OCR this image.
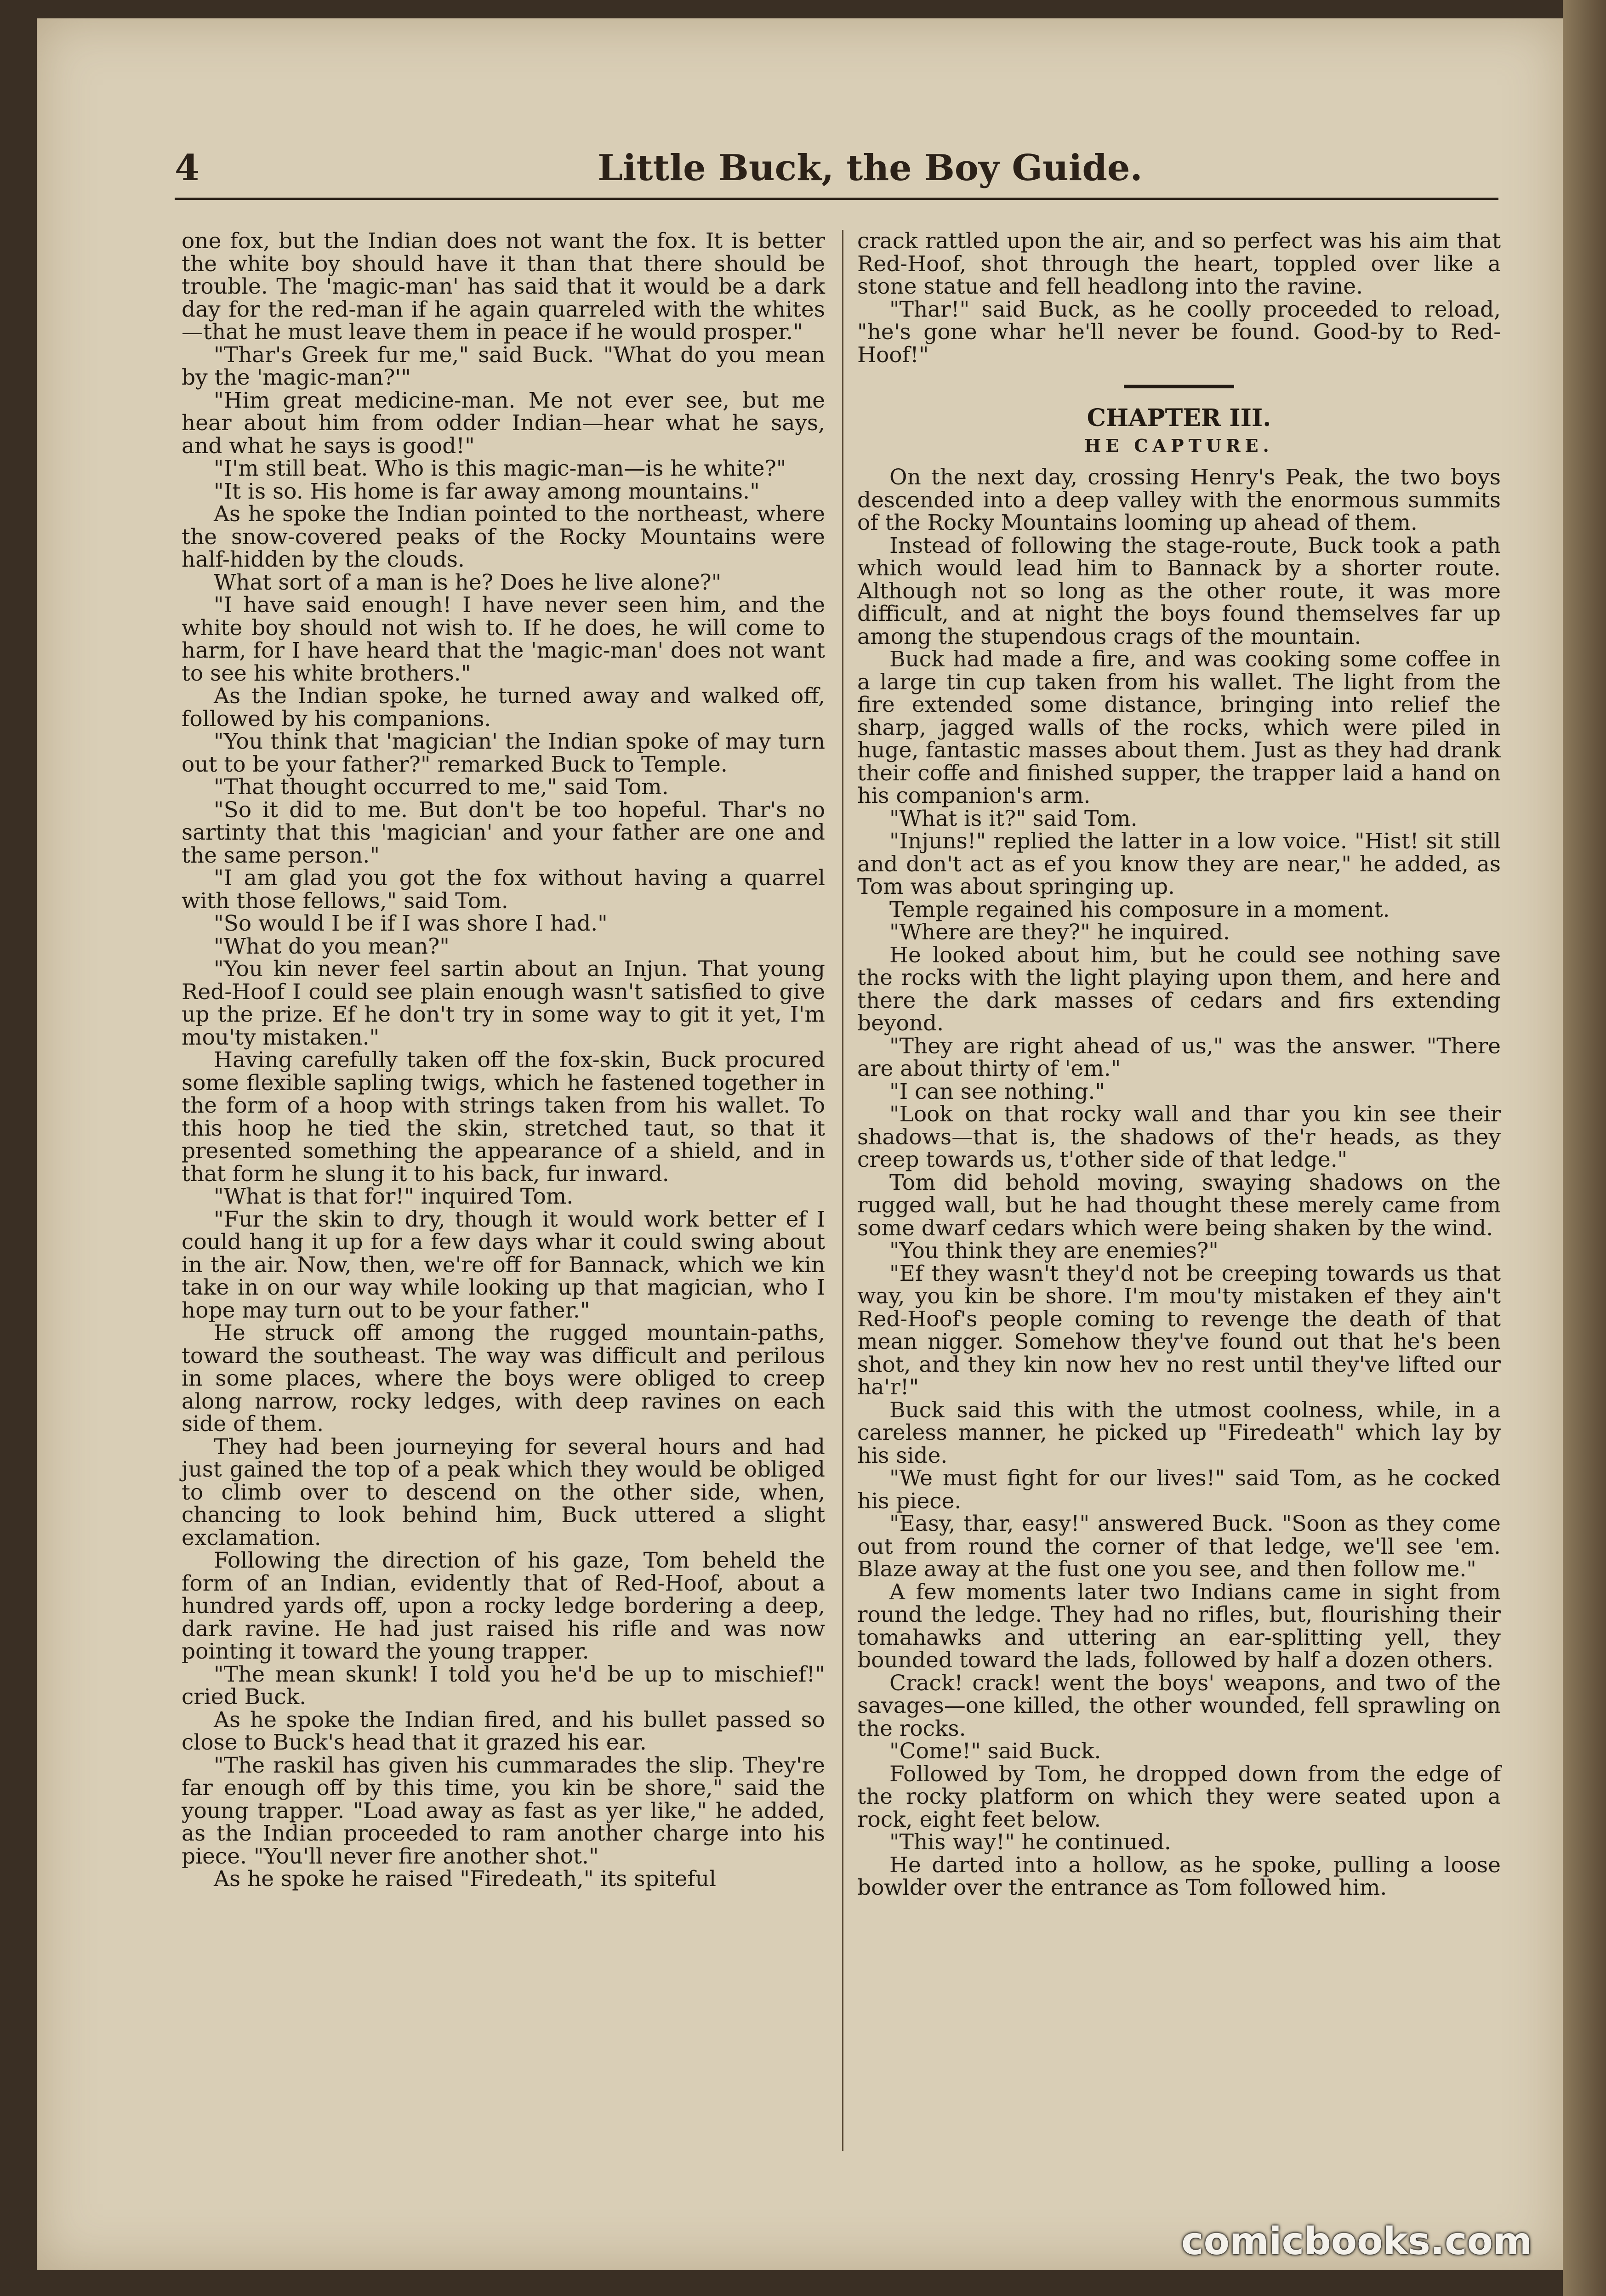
4	Little Buck, the Boy Guide.

one fox, but the Indian does not want the fox. It is better the white boy should have it than that there should be trouble. The 'magic-man' has said that it would be a dark day for the red-man if he again quarreled with the whites—that he must leave them in peace if he would prosper."

"Thar's Greek fur me," said Buck. "What do you mean by the 'magic-man?'"

"Him great medicine-man. Me not ever see, but me hear about him from odder Indian—hear what he says, and what he says is good!"

"I'm still beat. Who is this magic-man—is he white?"

"It is so. His home is far away among mountains."

As he spoke the Indian pointed to the northeast, where the snow-covered peaks of the Rocky Mountains were half-hidden by the clouds.

What sort of a man is he? Does he live alone?"

"I have said enough! I have never seen him, and the white boy should not wish to. If he does, he will come to harm, for I have heard that the 'magic-man' does not want to see his white brothers."

As the Indian spoke, he turned away and walked off, followed by his companions.

"You think that 'magician' the Indian spoke of may turn out to be your father?" remarked Buck to Temple.

"That thought occurred to me," said Tom.

"So it did to me. But don't be too hopeful. Thar's no sartinty that this 'magician' and your father are one and the same person."

"I am glad you got the fox without having a quarrel with those fellows," said Tom.

"So would I be if I was shore I had."

"What do you mean?"

"You kin never feel sartin about an Injun. That young Red-Hoof I could see plain enough wasn't satisfied to give up the prize. Ef he don't try in some way to git it yet, I'm mou'ty mistaken."

Having carefully taken off the fox-skin, Buck procured some flexible sapling twigs, which he fastened together in the form of a hoop with strings taken from his wallet. To this hoop he tied the skin, stretched taut, so that it presented something the appearance of a shield, and in that form he slung it to his back, fur inward.

"What is that for!" inquired Tom.

"Fur the skin to dry, though it would work better ef I could hang it up for a few days whar it could swing about in the air. Now, then, we're off for Bannack, which we kin take in on our way while looking up that magician, who I hope may turn out to be your father."

He struck off among the rugged mountain-paths, toward the southeast. The way was difficult and perilous in some places, where the boys were obliged to creep along narrow, rocky ledges, with deep ravines on each side of them.

They had been journeying for several hours and had just gained the top of a peak which they would be obliged to climb over to descend on the other side, when, chancing to look behind him, Buck uttered a slight exclamation.

Following the direction of his gaze, Tom beheld the form of an Indian, evidently that of Red-Hoof, about a hundred yards off, upon a rocky ledge bordering a deep, dark ravine. He had just raised his rifle and was now pointing it toward the young trapper.

"The mean skunk! I told you he'd be up to mischief!" cried Buck.

As he spoke the Indian fired, and his bullet passed so close to Buck's head that it grazed his ear.

"The raskil has given his cummarades the slip. They're far enough off by this time, you kin be shore," said the young trapper. "Load away as fast as yer like," he added, as the Indian proceeded to ram another charge into his piece. "You'll never fire another shot."

As he spoke he raised "Firedeath," its spiteful

crack rattled upon the air, and so perfect was his aim that Red-Hoof, shot through the heart, toppled over like a stone statue and fell headlong into the ravine.

"Thar!" said Buck, as he coolly proceeded to reload, "he's gone whar he'll never be found. Good-by to Red-Hoof!"

CHAPTER III.
HE CAPTURE.

On the next day, crossing Henry's Peak, the two boys descended into a deep valley with the enormous summits of the Rocky Mountains looming up ahead of them.

Instead of following the stage-route, Buck took a path which would lead him to Bannack by a shorter route. Although not so long as the other route, it was more difficult, and at night the boys found themselves far up among the stupendous crags of the mountain.

Buck had made a fire, and was cooking some coffee in a large tin cup taken from his wallet. The light from the fire extended some distance, bringing into relief the sharp, jagged walls of the rocks, which were piled in huge, fantastic masses about them. Just as they had drank their coffe and finished supper, the trapper laid a hand on his companion's arm.

"What is it?" said Tom.

"Injuns!" replied the latter in a low voice. "Hist! sit still and don't act as ef you know they are near," he added, as Tom was about springing up.

Temple regained his composure in a moment.

"Where are they?" he inquired.

He looked about him, but he could see nothing save the rocks with the light playing upon them, and here and there the dark masses of cedars and firs extending beyond.

"They are right ahead of us," was the answer. "There are about thirty of 'em."

"I can see nothing."

"Look on that rocky wall and thar you kin see their shadows—that is, the shadows of the'r heads, as they creep towards us, t'other side of that ledge."

Tom did behold moving, swaying shadows on the rugged wall, but he had thought these merely came from some dwarf cedars which were being shaken by the wind.

"You think they are enemies?"

"Ef they wasn't they'd not be creeping towards us that way, you kin be shore. I'm mou'ty mistaken ef they ain't Red-Hoof's people coming to revenge the death of that mean nigger. Somehow they've found out that he's been shot, and they kin now hev no rest until they've lifted our ha'r!"

Buck said this with the utmost coolness, while, in a careless manner, he picked up "Firedeath" which lay by his side.

"We must fight for our lives!" said Tom, as he cocked his piece.

"Easy, thar, easy!" answered Buck. "Soon as they come out from round the corner of that ledge, we'll see 'em. Blaze away at the fust one you see, and then follow me."

A few moments later two Indians came in sight from round the ledge. They had no rifles, but, flourishing their tomahawks and uttering an ear-splitting yell, they bounded toward the lads, followed by half a dozen others.

Crack! crack! went the boys' weapons, and two of the savages—one killed, the other wounded, fell sprawling on the rocks.

"Come!" said Buck.

Followed by Tom, he dropped down from the edge of the rocky platform on which they were seated upon a rock, eight feet below.

"This way!" he continued.

He darted into a hollow, as he spoke, pulling a loose bowlder over the entrance as Tom followed him.

comicbooks.com
